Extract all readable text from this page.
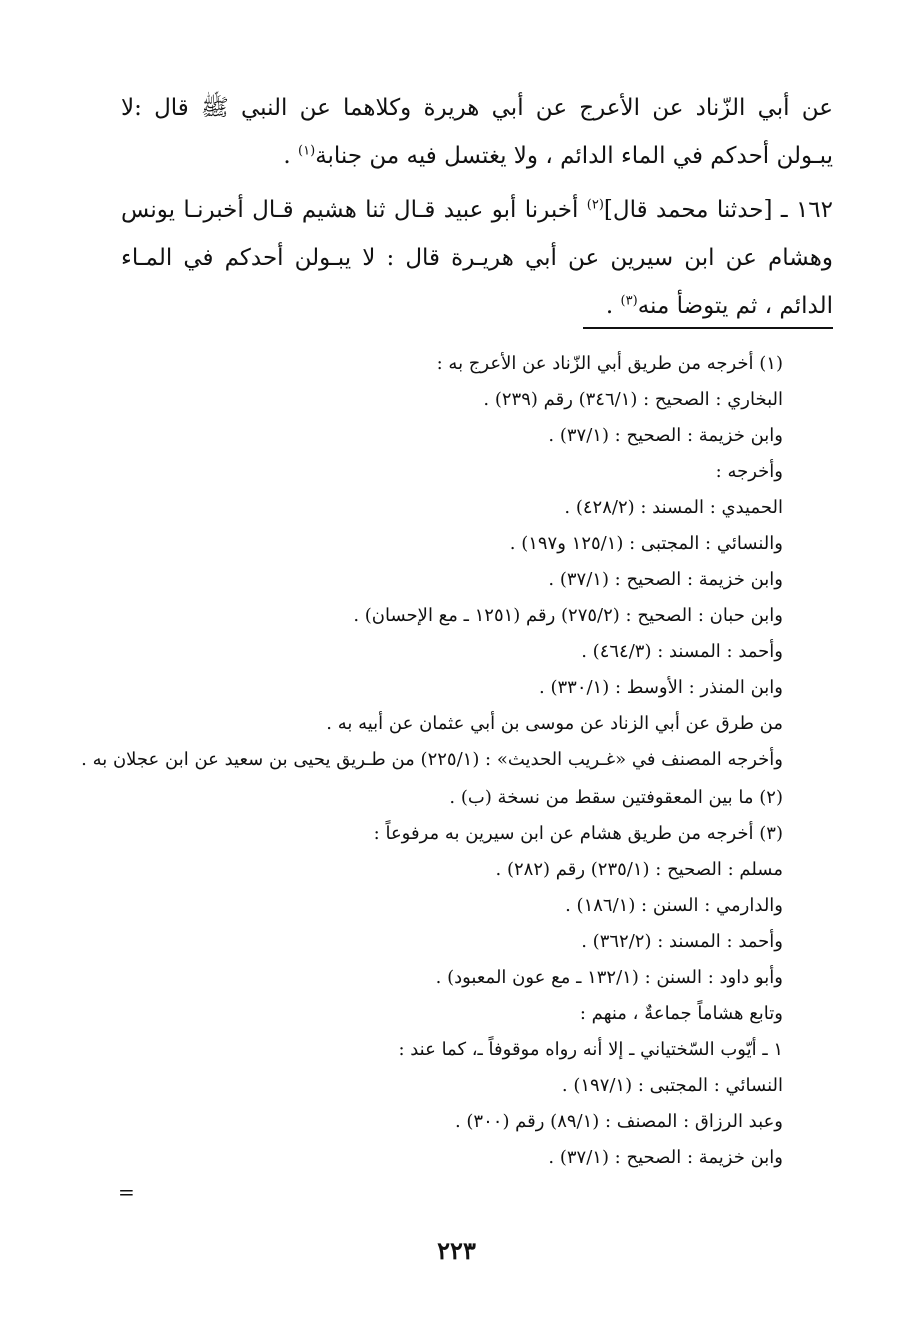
عن أبي الزّناد عن الأعرج عن أبي هريرة وكلاهما عن النبي ﷺ قال :لا يبـولن أحدكم في الماء الدائم ، ولا يغتسل فيه من جنابة$^{(١)}$ .

١٦٢ ـ [حدثنا محمد قال]$^{(٢)}$ أخبرنا أبو عبيد قـال ثنا هشيم قـال أخبرنـا يونس وهشام عن ابن سيرين عن أبي هريـرة قال : لا يبـولن أحدكم في المـاء الدائم ، ثم يتوضأ منه$^{(٣)}$ .

(١) أخرجه من طريق أبي الزّناد عن الأعرج به :
البخاري : الصحيح : (٣٤٦/١) رقم (٢٣٩) .
وابن خزيمة : الصحيح : (٣٧/١) .
وأخرجه :
الحميدي : المسند : (٤٢٨/٢) .
والنسائي : المجتبى : (١٢٥/١ و١٩٧) .
وابن خزيمة : الصحيح : (٣٧/١) .
وابن حبان : الصحيح : (٢٧٥/٢) رقم (١٢٥١ ـ مع الإحسان) .
وأحمد : المسند : (٤٦٤/٣) .
وابن المنذر : الأوسط : (٣٣٠/١) .
من طرق عن أبي الزناد عن موسى بن أبي عثمان عن أبيه به .
وأخرجه المصنف في «غـريب الحديث» : (٢٢٥/١) من طـريق يحيى بن سعيد عن ابن عجلان به .
(٢) ما بين المعقوفتين سقط من نسخة (ب) .
(٣) أخرجه من طريق هشام عن ابن سيرين به مرفوعاً :
مسلم : الصحيح : (٢٣٥/١) رقم (٢٨٢) .
والدارمي : السنن : (١٨٦/١) .
وأحمد : المسند : (٣٦٢/٢) .
وأبو داود : السنن : (١٣٢/١ ـ مع عون المعبود) .
وتابع هشاماً جماعةٌ ، منهم :
١ ـ أيّوب السّختياني ـ إلا أنه رواه موقوفاً ـ، كما عند :
النسائي : المجتبى : (١٩٧/١) .
وعبد الرزاق : المصنف : (٨٩/١) رقم (٣٠٠) .
وابن خزيمة : الصحيح : (٣٧/١) .
=
٢٢٣
